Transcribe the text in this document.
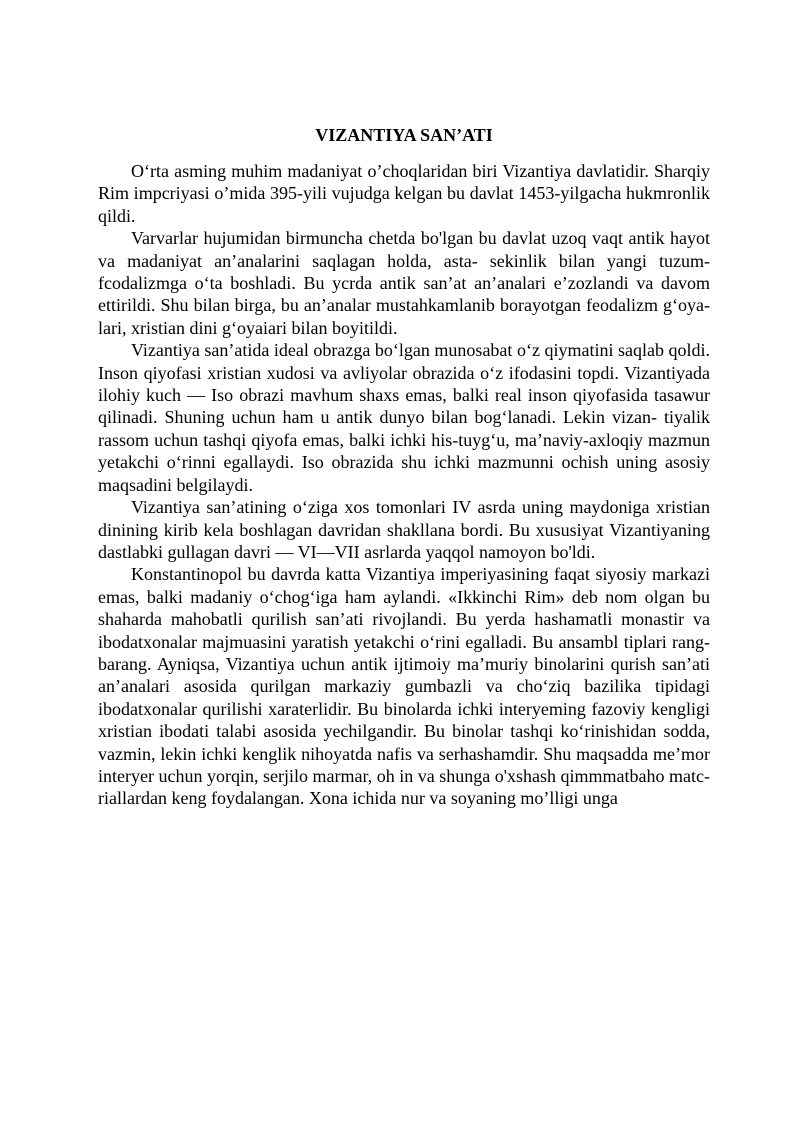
VIZANTIYA SAN’ATI

O‘rta asming muhim madaniyat o’choqlaridan biri Vizantiya davlatidir. Sharqiy Rim impcriyasi o’mida 395-yili vujudga kelgan bu davlat 1453-yilgacha hukmronlik qildi.

Varvarlar hujumidan birmuncha chetda bo'lgan bu davlat uzoq vaqt antik hayot va madaniyat an’analarini saqlagan holda, asta- sekinlik bilan yangi tuzum-fcodalizmga o‘ta boshladi. Bu ycrda antik san’at an’analari e’zozlandi va davom ettirildi. Shu bilan birga, bu an’analar mustahkamlanib borayotgan feodalizm g‘oya- lari, xristian dini g‘oyaiari bilan boyitildi.

Vizantiya san’atida ideal obrazga bo‘lgan munosabat o‘z qiymatini saqlab qoldi. Inson qiyofasi xristian xudosi va avliyolar obrazida o‘z ifodasini topdi. Vizantiyada ilohiy kuch — Iso obrazi mavhum shaxs emas, balki real inson qiyofasida tasawur qilinadi. Shuning uchun ham u antik dunyo bilan bog‘lanadi. Lekin vizan- tiyalik rassom uchun tashqi qiyofa emas, balki ichki his-tuyg‘u, ma’naviy-axloqiy mazmun yetakchi o‘rinni egallaydi. Iso obrazida shu ichki mazmunni ochish uning asosiy maqsadini belgilaydi.

Vizantiya san’atining o‘ziga xos tomonlari IV asrda uning maydoniga xristian dinining kirib kela boshlagan davridan shakllana bordi. Bu xususiyat Vizantiyaning dastlabki gullagan davri — VI—VII asrlarda yaqqol namoyon bo'ldi.

Konstantinopol bu davrda katta Vizantiya imperiyasining faqat siyosiy markazi emas, balki madaniy o‘chog‘iga ham aylandi. «Ikkinchi Rim» deb nom olgan bu shaharda mahobatli qurilish san’ati rivojlandi. Bu yerda hashamatli monastir va ibodatxonalar majmuasini yaratish yetakchi o‘rini egalladi. Bu ansambl tiplari rang-barang. Ayniqsa, Vizantiya uchun antik ijtimoiy ma’muriy binolarini qurish san’ati an’analari asosida qurilgan markaziy gumbazli va cho‘ziq bazilika tipidagi ibodatxonalar qurilishi xaraterlidir. Bu binolarda ichki interyeming fazoviy kengligi xristian ibodati talabi asosida yechilgandir. Bu binolar tashqi ko‘rinishidan sodda, vazmin, lekin ichki kenglik nihoyatda nafis va serhashamdir. Shu maqsadda me’mor interyer uchun yorqin, serjilo marmar, oh in va shunga o'xshash qimmmatbaho matc- riallardan keng foydalangan. Xona ichida nur va soyaning mo’lligi unga
